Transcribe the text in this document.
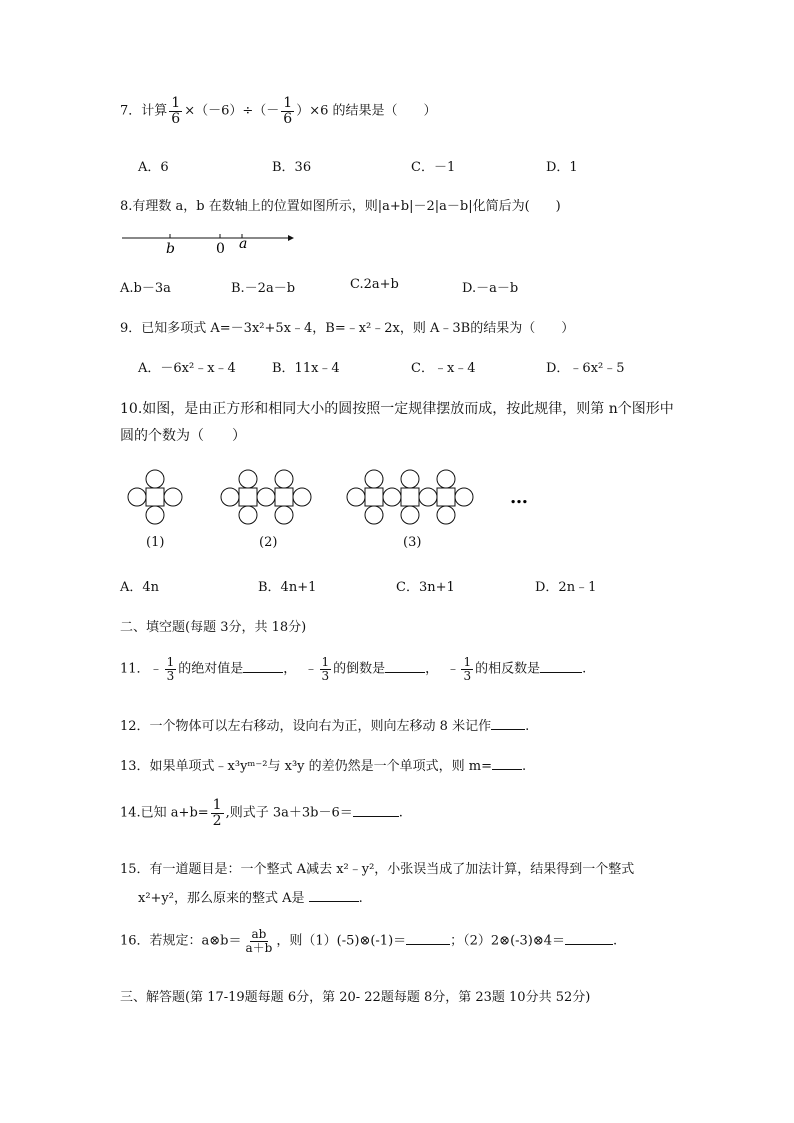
7．计算 $\frac{1}{6} \times(-6)\div(- \frac{1}{6} )\times 6$ 的结果是（　　）
A．6	B．36	C．－1	D．1
8.有理数 a，b 在数轴上的位置如图所示，则|a+b|－2|a－b|化简后为(　　)
b	0 a
A.b－3a	B.－2a－b	C.2a+b	D.－a－b
9．已知多项式 A=－3x²+5x﹣4，B=﹣x²﹣2x，则 A﹣3B的结果为（　　）
A．－6x²﹣x﹣4	B．11x﹣4	C．﹣x﹣4	D．﹣6x²﹣5
10.如图，是由正方形和相同大小的圆按照一定规律摆放而成，按此规律，则第 n个图形中
圆的个数为（　　）
…
(1)	(2)	(3)
A．4n	B．4n+1	C．3n+1	D．2n﹣1
二、填空题(每题 3分，共 18分)
11．﹣ $\frac{1}{3}$ 的绝对值是	， ﹣ $\frac{1}{3}$ 的倒数是	， ﹣ $\frac{1}{3}$ 的相反数是	.
12．一个物体可以左右移动，设向右为正，则向左移动 8 米记作	.
13．如果单项式﹣x³yᵐ⁻²与 x³y 的差仍然是一个单项式，则 m= .
14.已知 $a+b= \frac{1}{2}$ ,则式子 3a＋3b－6＝	.
15．有一道题目是：一个整式 A减去 x²﹣y²，小张误当成了加法计算，结果得到一个整式
x²+y²，那么原来的整式 A是	.
16．若规定：a⊗b＝ $\frac{ab}{a+b}$ ，则（1）(-5)⊗(-1)＝	；（2）2⊗(-3)⊗4＝	.
三、解答题(第 17-19题每题 6分，第 20- 22题每题 8分，第 23题 10分共 52分)
